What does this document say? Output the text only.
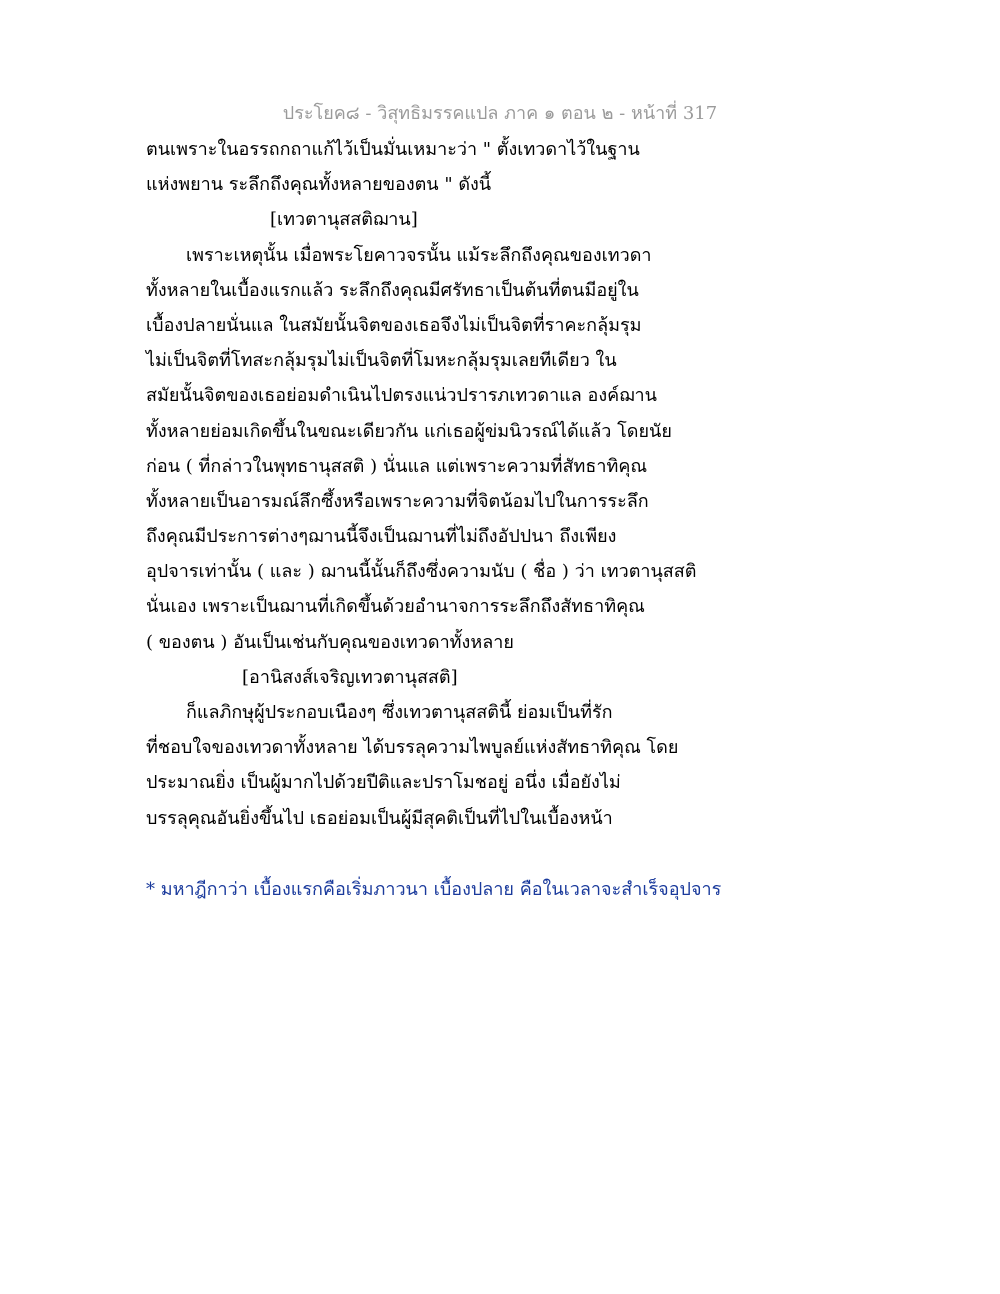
ประโยค๘ - วิสุทธิมรรคแปล ภาค ๑ ตอน ๒ - หน้าที่ 317
ตนเพราะในอรรถกถาแก้ไว้เป็นมั่นเหมาะว่า " ตั้งเทวดาไว้ในฐาน
แห่งพยาน ระลึกถึงคุณทั้งหลายของตน " ดังนี้
[เทวตานุสสติฌาน]
เพราะเหตุนั้น เมื่อพระโยคาวจรนั้น แม้ระลึกถึงคุณของเทวดา
ทั้งหลายในเบื้องแรกแล้ว ระลึกถึงคุณมีศรัทธาเป็นต้นที่ตนมีอยู่ใน
เบื้องปลายนั่นแล ในสมัยนั้นจิตของเธอจึงไม่เป็นจิตที่ราคะกลุ้มรุม
ไม่เป็นจิตที่โทสะกลุ้มรุมไม่เป็นจิตที่โมหะกลุ้มรุมเลยทีเดียว ใน
สมัยนั้นจิตของเธอย่อมดำเนินไปตรงแน่วปรารภเทวดาแล องค์ฌาน
ทั้งหลายย่อมเกิดขึ้นในขณะเดียวกัน แก่เธอผู้ข่มนิวรณ์ได้แล้ว โดยนัย
ก่อน ( ที่กล่าวในพุทธานุสสติ ) นั่นแล แต่เพราะความที่สัทธาทิคุณ
ทั้งหลายเป็นอารมณ์ลึกซึ้งหรือเพราะความที่จิตน้อมไปในการระลึก
ถึงคุณมีประการต่างๆฌานนี้จึงเป็นฌานที่ไม่ถึงอัปปนา ถึงเพียง
อุปจารเท่านั้น ( และ ) ฌานนี้นั้นก็ถึงซึ่งความนับ ( ชื่อ ) ว่า เทวตานุสสติ
นั่นเอง เพราะเป็นฌานที่เกิดขึ้นด้วยอำนาจการระลึกถึงสัทธาทิคุณ
( ของตน ) อันเป็นเช่นกับคุณของเทวดาทั้งหลาย
[อานิสงส์เจริญเทวตานุสสติ]
ก็แลภิกษุผู้ประกอบเนืองๆ ซึ่งเทวตานุสสตินี้ ย่อมเป็นที่รัก
ที่ชอบใจของเทวดาทั้งหลาย ได้บรรลุความไพบูลย์แห่งสัทธาทิคุณ โดย
ประมาณยิ่ง เป็นผู้มากไปด้วยปีติและปราโมชอยู่ อนึ่ง เมื่อยังไม่
บรรลุคุณอันยิ่งขึ้นไป เธอย่อมเป็นผู้มีสุคติเป็นที่ไปในเบื้องหน้า
* มหาฎีกาว่า เบื้องแรกคือเริ่มภาวนา เบื้องปลาย คือในเวลาจะสำเร็จอุปจาร
